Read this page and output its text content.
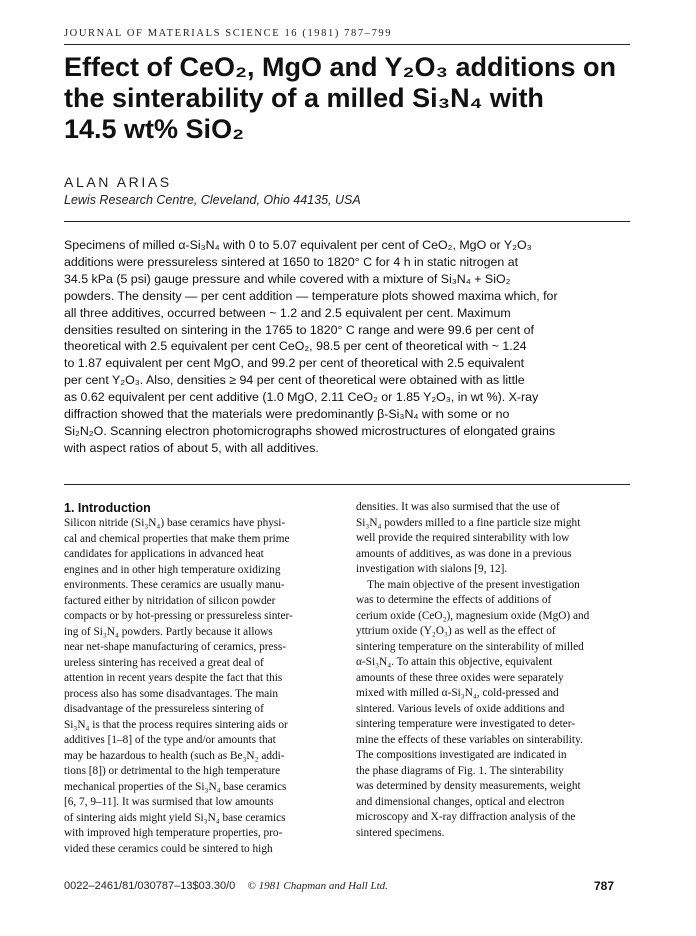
JOURNAL OF MATERIALS SCIENCE 16 (1981) 787–799
Effect of CeO₂, MgO and Y₂O₃ additions on
the sinterability of a milled Si₃N₄ with
14.5 wt% SiO₂
ALAN ARIAS
Lewis Research Centre, Cleveland, Ohio 44135, USA
Specimens of milled α-Si₃N₄ with 0 to 5.07 equivalent per cent of CeO₂, MgO or Y₂O₃
additions were pressureless sintered at 1650 to 1820° C for 4 h in static nitrogen at
34.5 kPa (5 psi) gauge pressure and while covered with a mixture of Si₃N₄ + SiO₂
powders. The density — per cent addition — temperature plots showed maxima which, for
all three additives, occurred between ~ 1.2 and 2.5 equivalent per cent. Maximum
densities resulted on sintering in the 1765 to 1820° C range and were 99.6 per cent of
theoretical with 2.5 equivalent per cent CeO₂, 98.5 per cent of theoretical with ~ 1.24
to 1.87 equivalent per cent MgO, and 99.2 per cent of theoretical with 2.5 equivalent
per cent Y₂O₃. Also, densities ≥ 94 per cent of theoretical were obtained with as little
as 0.62 equivalent per cent additive (1.0 MgO, 2.11 CeO₂ or 1.85 Y₂O₃, in wt %). X-ray
diffraction showed that the materials were predominantly β-Si₃N₄ with some or no
Si₂N₂O. Scanning electron photomicrographs showed microstructures of elongated grains
with aspect ratios of about 5, with all additives.
1. Introduction
Silicon nitride (Si₃N₄) base ceramics have physi-
cal and chemical properties that make them prime
candidates for applications in advanced heat
engines and in other high temperature oxidizing
environments. These ceramics are usually manu-
factured either by nitridation of silicon powder
compacts or by hot-pressing or pressureless sinter-
ing of Si₃N₄ powders. Partly because it allows
near net-shape manufacturing of ceramics, press-
ureless sintering has received a great deal of
attention in recent years despite the fact that this
process also has some disadvantages. The main
disadvantage of the pressureless sintering of
Si₃N₄ is that the process requires sintering aids or
additives [1–8] of the type and/or amounts that
may be hazardous to health (such as Be₃N₂ addi-
tions [8]) or detrimental to the high temperature
mechanical properties of the Si₃N₄ base ceramics
[6, 7, 9–11]. It was surmised that low amounts
of sintering aids might yield Si₃N₄ base ceramics
with improved high temperature properties, pro-
vided these ceramics could be sintered to high
densities. It was also surmised that the use of
Si₃N₄ powders milled to a fine particle size might
well provide the required sinterability with low
amounts of additives, as was done in a previous
investigation with sialons [9, 12].
The main objective of the present investigation
was to determine the effects of additions of
cerium oxide (CeO₂), magnesium oxide (MgO) and
yttrium oxide (Y₂O₃) as well as the effect of
sintering temperature on the sinterability of milled
α-Si₃N₄. To attain this objective, equivalent
amounts of these three oxides were separately
mixed with milled α-Si₃N₄, cold-pressed and
sintered. Various levels of oxide additions and
sintering temperature were investigated to deter-
mine the effects of these variables on sinterability.
The compositions investigated are indicated in
the phase diagrams of Fig. 1. The sinterability
was determined by density measurements, weight
and dimensional changes, optical and electron
microscopy and X-ray diffraction analysis of the
sintered specimens.
0022–2461/81/030787–13$03.30/0 © 1981 Chapman and Hall Ltd.	787
